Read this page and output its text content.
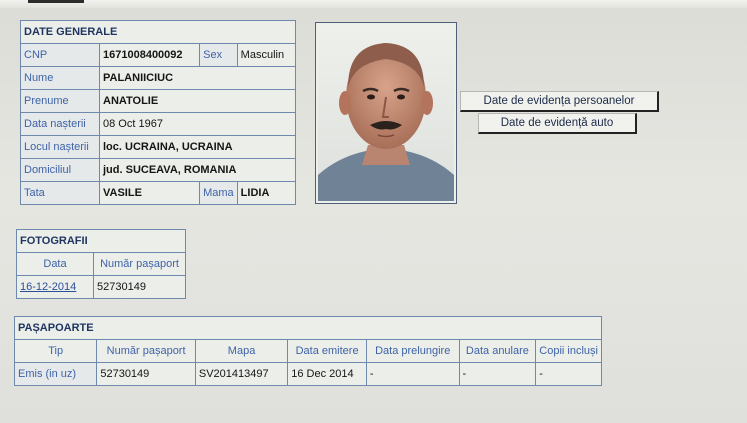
DATE GENERALE			
CNP	1671008400092	Sex	Masculin
Nume	PALANIICIUC		
Prenume	ANATOLIE		
Data nașterii	08 Oct 1967		
Locul nașterii	loc. UCRAINA, UCRAINA		
Domiciliul	jud. SUCEAVA, ROMANIA		
Tata	VASILE	Mama	LIDIA
Date de evidența persoanelor
Date de evidență auto
FOTOGRAFII	
Data	Număr pașaport
16-12-2014	52730149
PAȘAPOARTE						
Tip	Număr pașaport	Mapa	Data emitere	Data prelungire	Data anulare	Copii incluși
Emis (in uz)	52730149	SV201413497	16 Dec 2014	-	-	-
